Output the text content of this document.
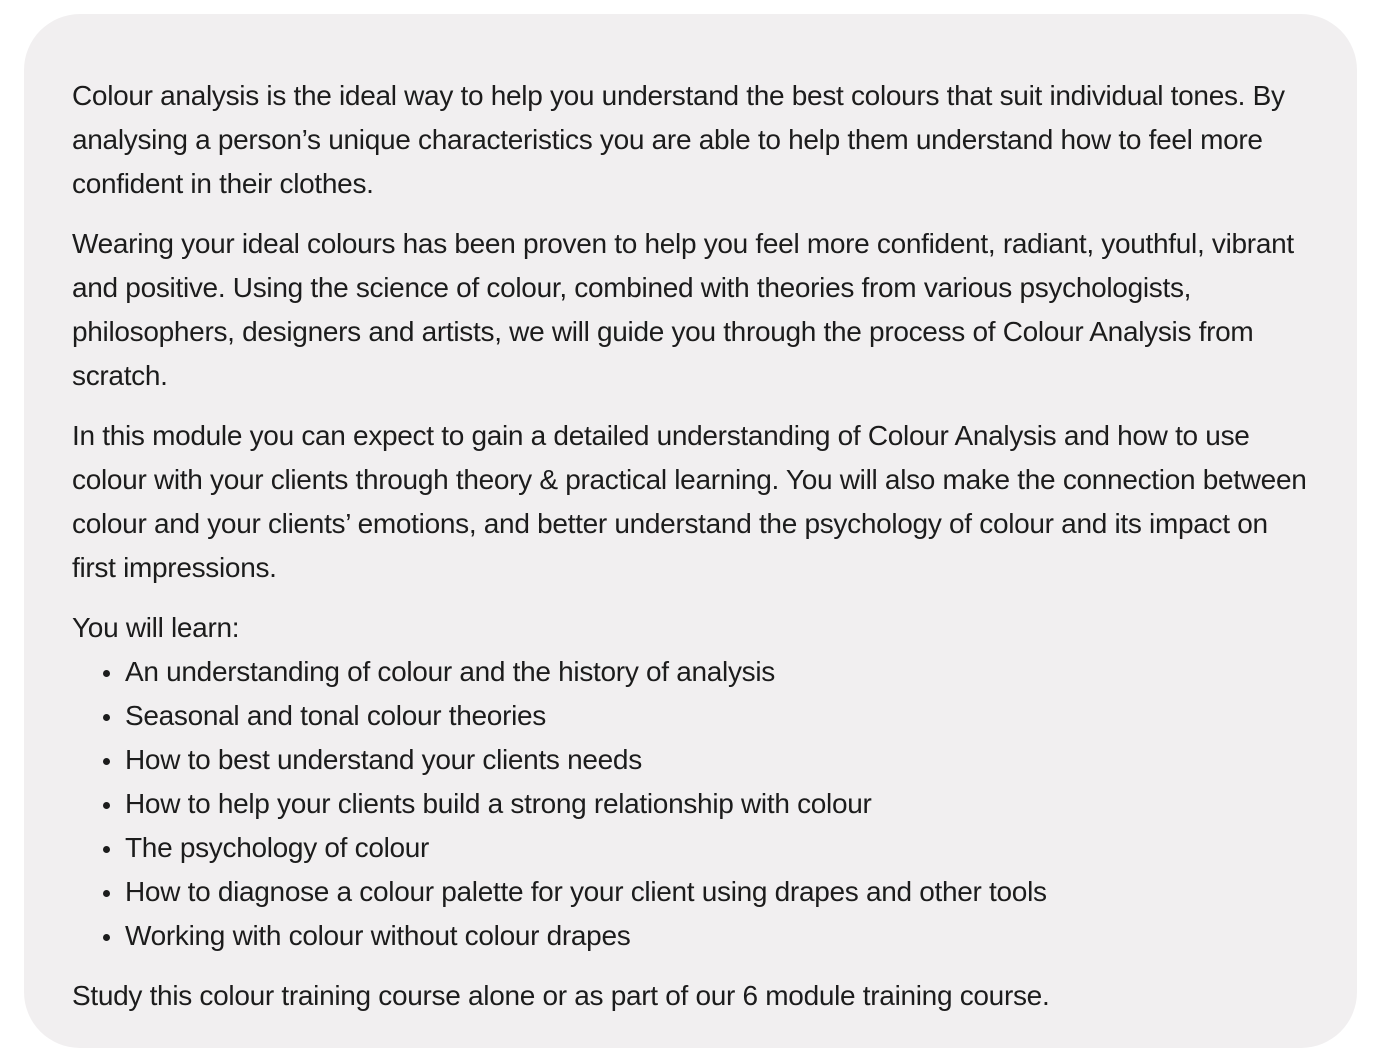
Colour analysis is the ideal way to help you understand the best colours that suit individual tones. By analysing a person’s unique characteristics you are able to help them understand how to feel more confident in their clothes.

Wearing your ideal colours has been proven to help you feel more confident, radiant, youthful, vibrant and positive. Using the science of colour, combined with theories from various psychologists, philosophers, designers and artists, we will guide you through the process of Colour Analysis from scratch.

In this module you can expect to gain a detailed understanding of Colour Analysis and how to use colour with your clients through theory & practical learning. You will also make the connection between colour and your clients’ emotions, and better understand the psychology of colour and its impact on first impressions.

You will learn:

An understanding of colour and the history of analysis
Seasonal and tonal colour theories
How to best understand your clients needs
How to help your clients build a strong relationship with colour
The psychology of colour
How to diagnose a colour palette for your client using drapes and other tools
Working with colour without colour drapes

Study this colour training course alone or as part of our 6 module training course.
